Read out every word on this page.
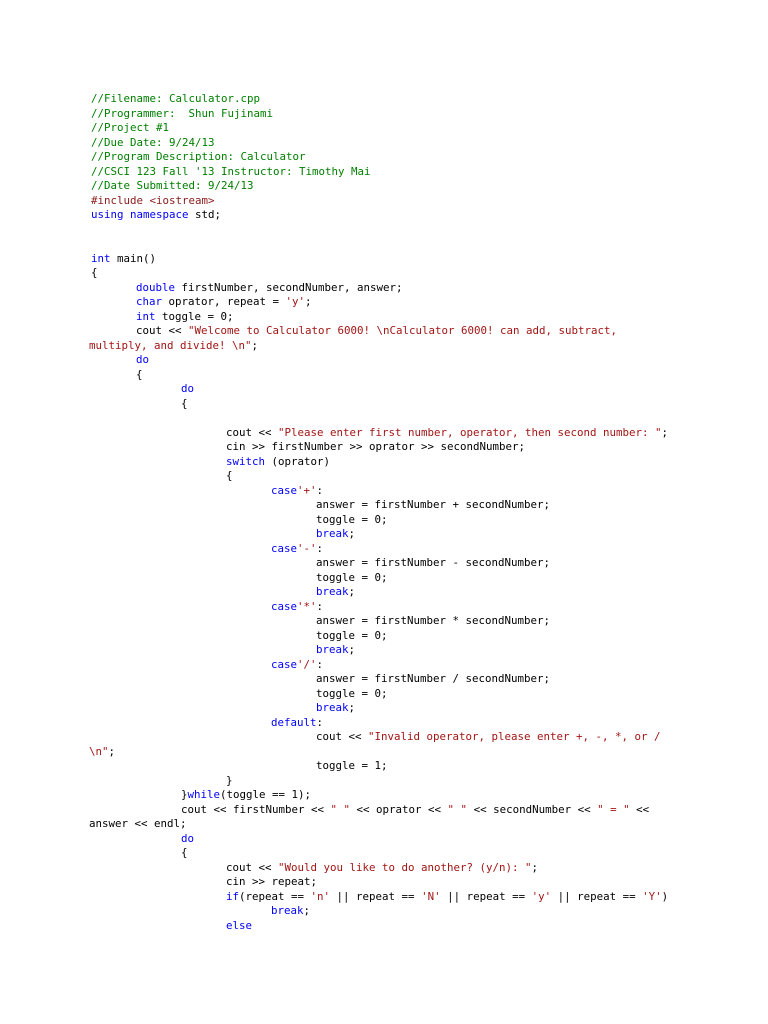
//Filename: Calculator.cpp
//Programmer:  Shun Fujinami
//Project #1
//Due Date: 9/24/13
//Program Description: Calculator
//CSCI 123 Fall '13 Instructor: Timothy Mai
//Date Submitted: 9/24/13
#include <iostream>
using namespace std;
int main()
{
double firstNumber, secondNumber, answer;
char oprator, repeat = 'y';
int toggle = 0;
cout << "Welcome to Calculator 6000! \nCalculator 6000! can add, subtract,
multiply, and divide! \n";
do
{
do
{
cout << "Please enter first number, operator, then second number: ";
cin >> firstNumber >> oprator >> secondNumber;
switch (oprator)
{
case'+':
answer = firstNumber + secondNumber;
toggle = 0;
break;
case'-':
answer = firstNumber - secondNumber;
toggle = 0;
break;
case'*':
answer = firstNumber * secondNumber;
toggle = 0;
break;
case'/':
answer = firstNumber / secondNumber;
toggle = 0;
break;
default:
cout << "Invalid operator, please enter +, -, *, or /
\n";
toggle = 1;
}
}while(toggle == 1);
cout << firstNumber << " " << oprator << " " << secondNumber << " = " <<
answer << endl;
do
{
cout << "Would you like to do another? (y/n): ";
cin >> repeat;
if(repeat == 'n' || repeat == 'N' || repeat == 'y' || repeat == 'Y')
break;
else
